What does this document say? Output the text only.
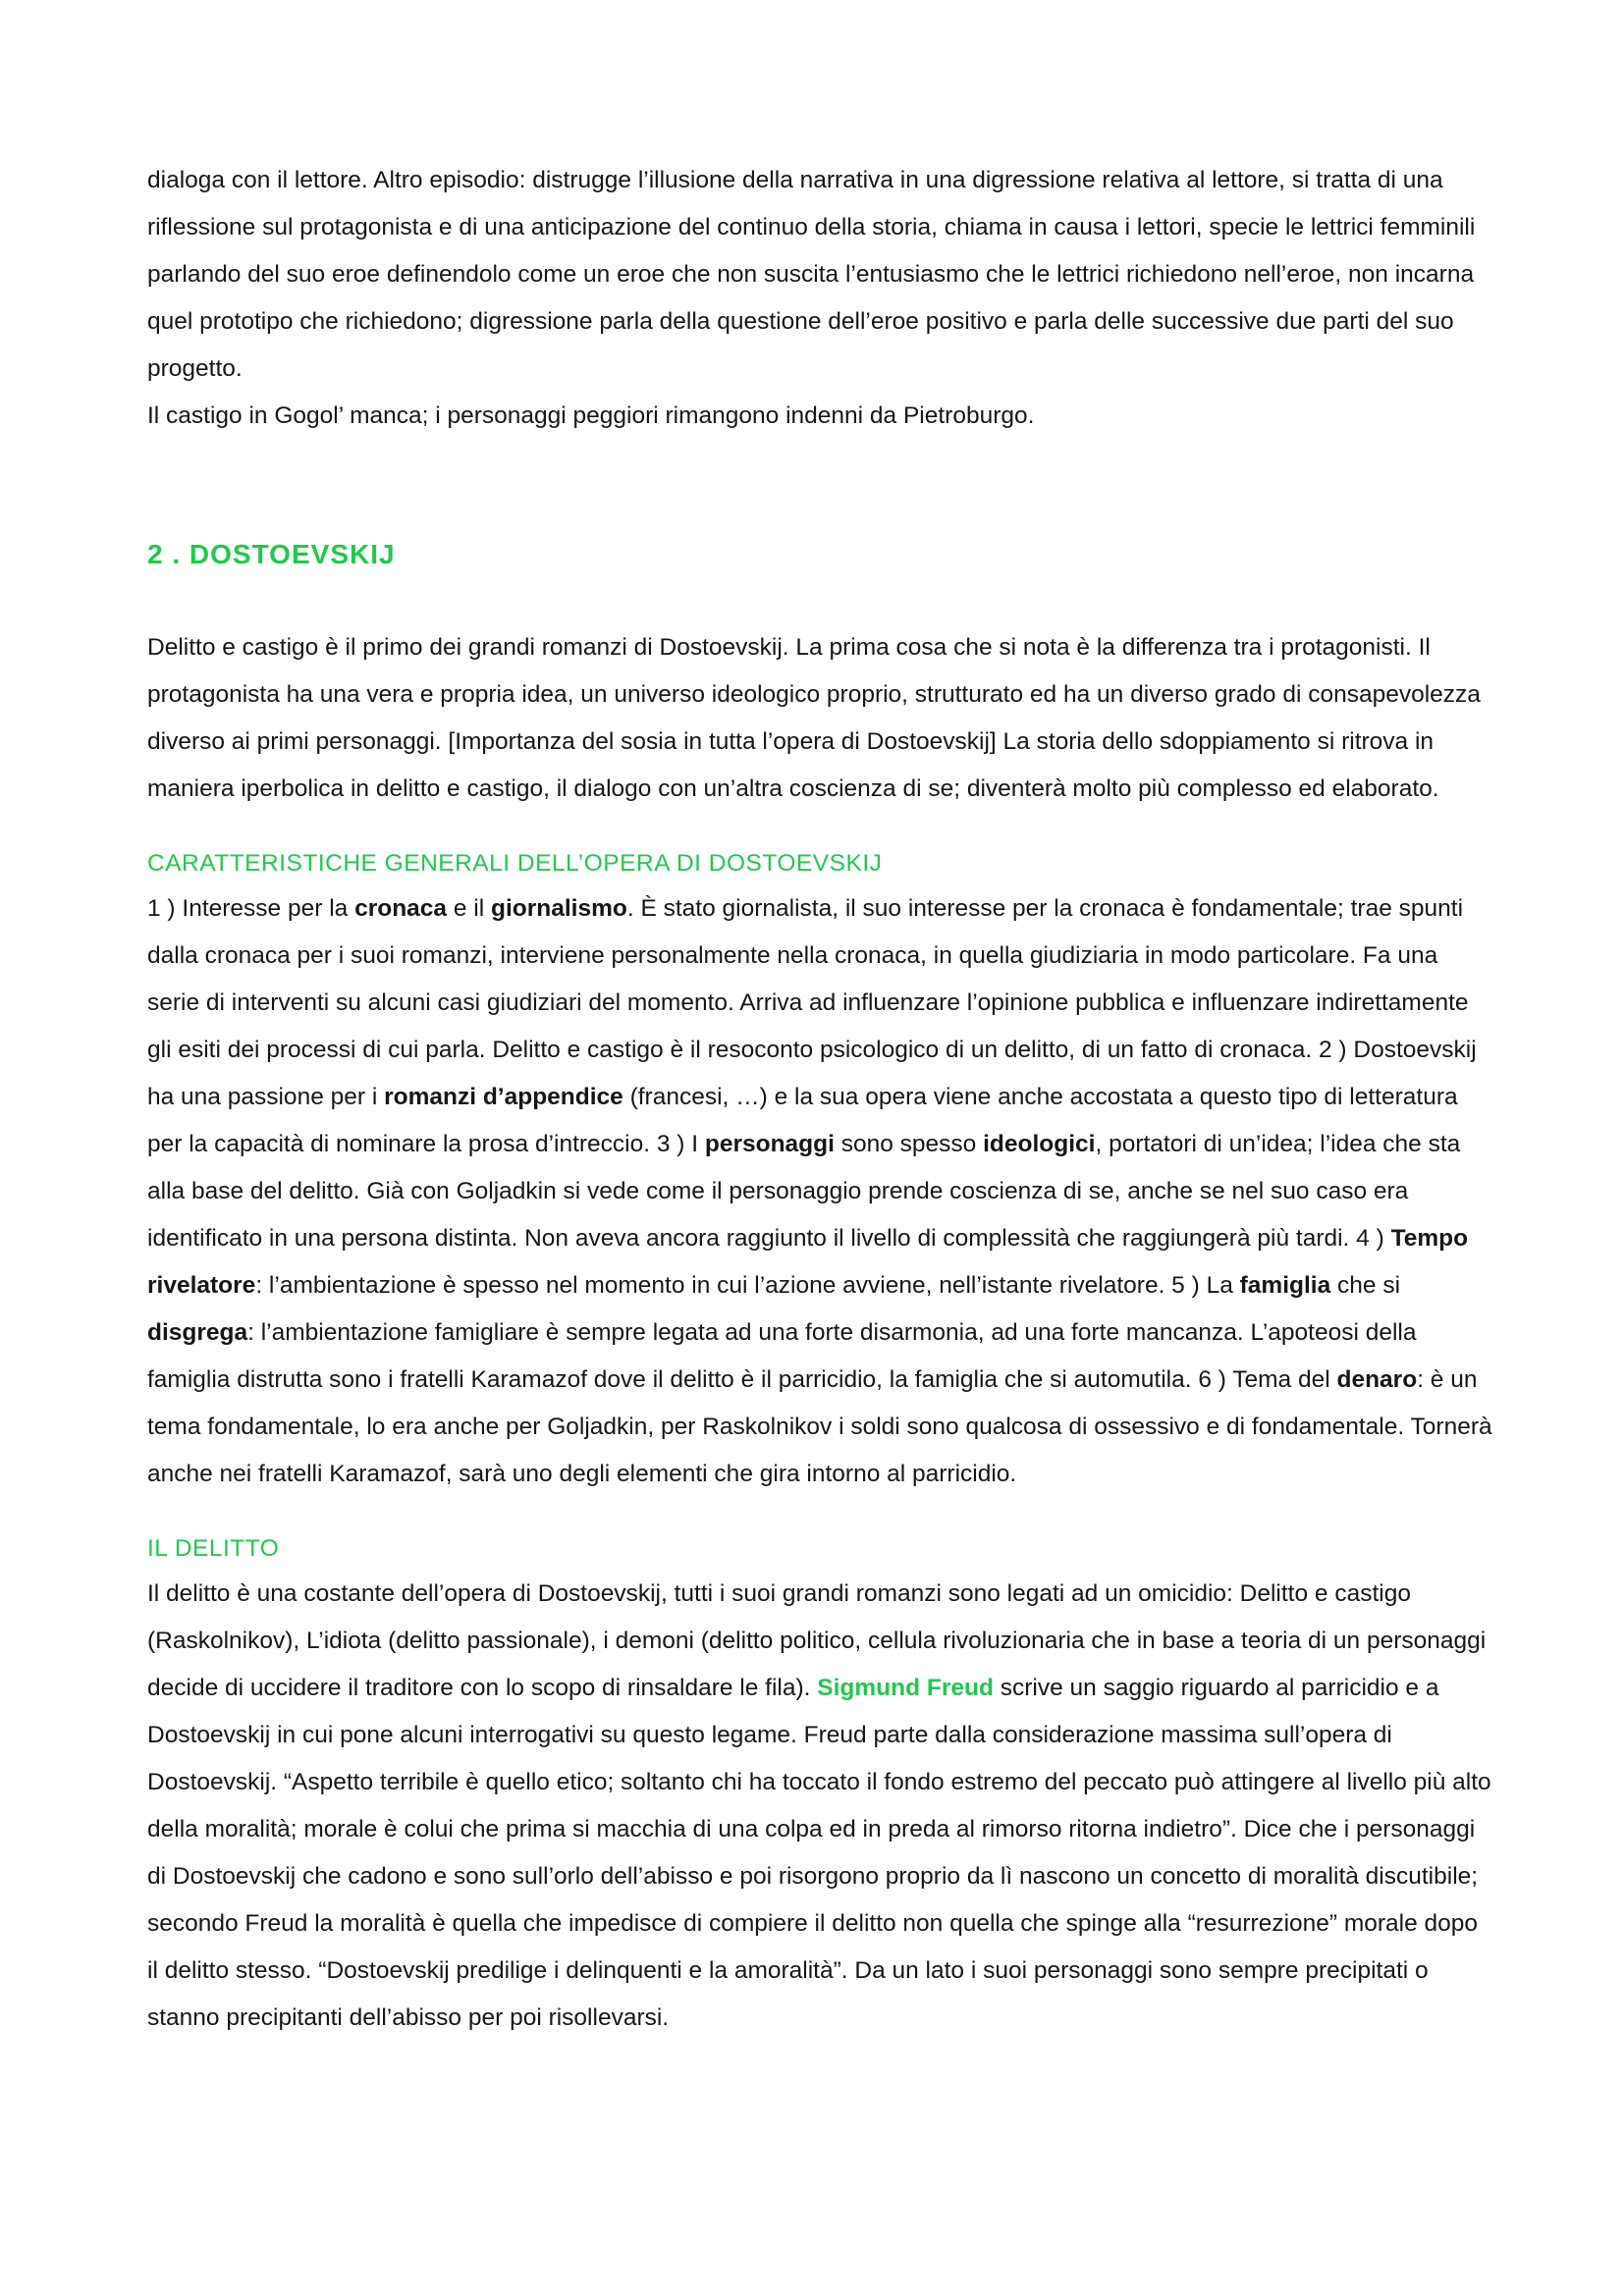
dialoga con il lettore. Altro episodio: distrugge l’illusione della narrativa in una digressione relativa al lettore, si tratta di una riflessione sul protagonista e di una anticipazione del continuo della storia, chiama in causa i lettori, specie le lettrici femminili parlando del suo eroe definendolo come un eroe che non suscita l’entusiasmo che le lettrici richiedono nell’eroe, non incarna quel prototipo che richiedono; digressione parla della questione dell’eroe positivo e parla delle successive due parti del suo progetto.
Il castigo in Gogol’ manca; i personaggi peggiori rimangono indenni da Pietroburgo.

2 . DOSTOEVSKIJ

Delitto e castigo è il primo dei grandi romanzi di Dostoevskij. La prima cosa che si nota è la differenza tra i protagonisti. Il protagonista ha una vera e propria idea, un universo ideologico proprio, strutturato ed ha un diverso grado di consapevolezza diverso ai primi personaggi. [Importanza del sosia in tutta l’opera di Dostoevskij] La storia dello sdoppiamento si ritrova in maniera iperbolica in delitto e castigo, il dialogo con un’altra coscienza di se; diventerà molto più complesso ed elaborato.

CARATTERISTICHE GENERALI DELL’OPERA DI DOSTOEVSKIJ

1 ) Interesse per la cronaca e il giornalismo. È stato giornalista, il suo interesse per la cronaca è fondamentale; trae spunti dalla cronaca per i suoi romanzi, interviene personalmente nella cronaca, in quella giudiziaria in modo particolare. Fa una serie di interventi su alcuni casi giudiziari del momento. Arriva ad influenzare l’opinione pubblica e influenzare indirettamente gli esiti dei processi di cui parla. Delitto e castigo è il resoconto psicologico di un delitto, di un fatto di cronaca. 2 ) Dostoevskij ha una passione per i romanzi d’appendice (francesi, …) e la sua opera viene anche accostata a questo tipo di letteratura per la capacità di nominare la prosa d’intreccio. 3 ) I personaggi sono spesso ideologici, portatori di un’idea; l’idea che sta alla base del delitto. Già con Goljadkin si vede come il personaggio prende coscienza di se, anche se nel suo caso era identificato in una persona distinta. Non aveva ancora raggiunto il livello di complessità che raggiungerà più tardi. 4 ) Tempo rivelatore: l’ambientazione è spesso nel momento in cui l’azione avviene, nell’istante rivelatore. 5 ) La famiglia che si disgrega: l’ambientazione famigliare è sempre legata ad una forte disarmonia, ad una forte mancanza. L’apoteosi della famiglia distrutta sono i fratelli Karamazof dove il delitto è il parricidio, la famiglia che si automutila. 6 ) Tema del denaro: è un tema fondamentale, lo era anche per Goljadkin, per Raskolnikov i soldi sono qualcosa di ossessivo e di fondamentale. Tornerà anche nei fratelli Karamazof, sarà uno degli elementi che gira intorno al parricidio.

IL DELITTO

Il delitto è una costante dell’opera di Dostoevskij, tutti i suoi grandi romanzi sono legati ad un omicidio: Delitto e castigo (Raskolnikov), L’idiota (delitto passionale), i demoni (delitto politico, cellula rivoluzionaria che in base a teoria di un personaggi decide di uccidere il traditore con lo scopo di rinsaldare le fila). Sigmund Freud scrive un saggio riguardo al parricidio e a Dostoevskij in cui pone alcuni interrogativi su questo legame. Freud parte dalla considerazione massima sull’opera di Dostoevskij. “Aspetto terribile è quello etico; soltanto chi ha toccato il fondo estremo del peccato può attingere al livello più alto della moralità; morale è colui che prima si macchia di una colpa ed in preda al rimorso ritorna indietro”. Dice che i personaggi di Dostoevskij che cadono e sono sull’orlo dell’abisso e poi risorgono proprio da lì nascono un concetto di moralità discutibile; secondo Freud la moralità è quella che impedisce di compiere il delitto non quella che spinge alla “resurrezione” morale dopo il delitto stesso. “Dostoevskij predilige i delinquenti e la amoralità”. Da un lato i suoi personaggi sono sempre precipitati o stanno precipitanti dell’abisso per poi risollevarsi.
